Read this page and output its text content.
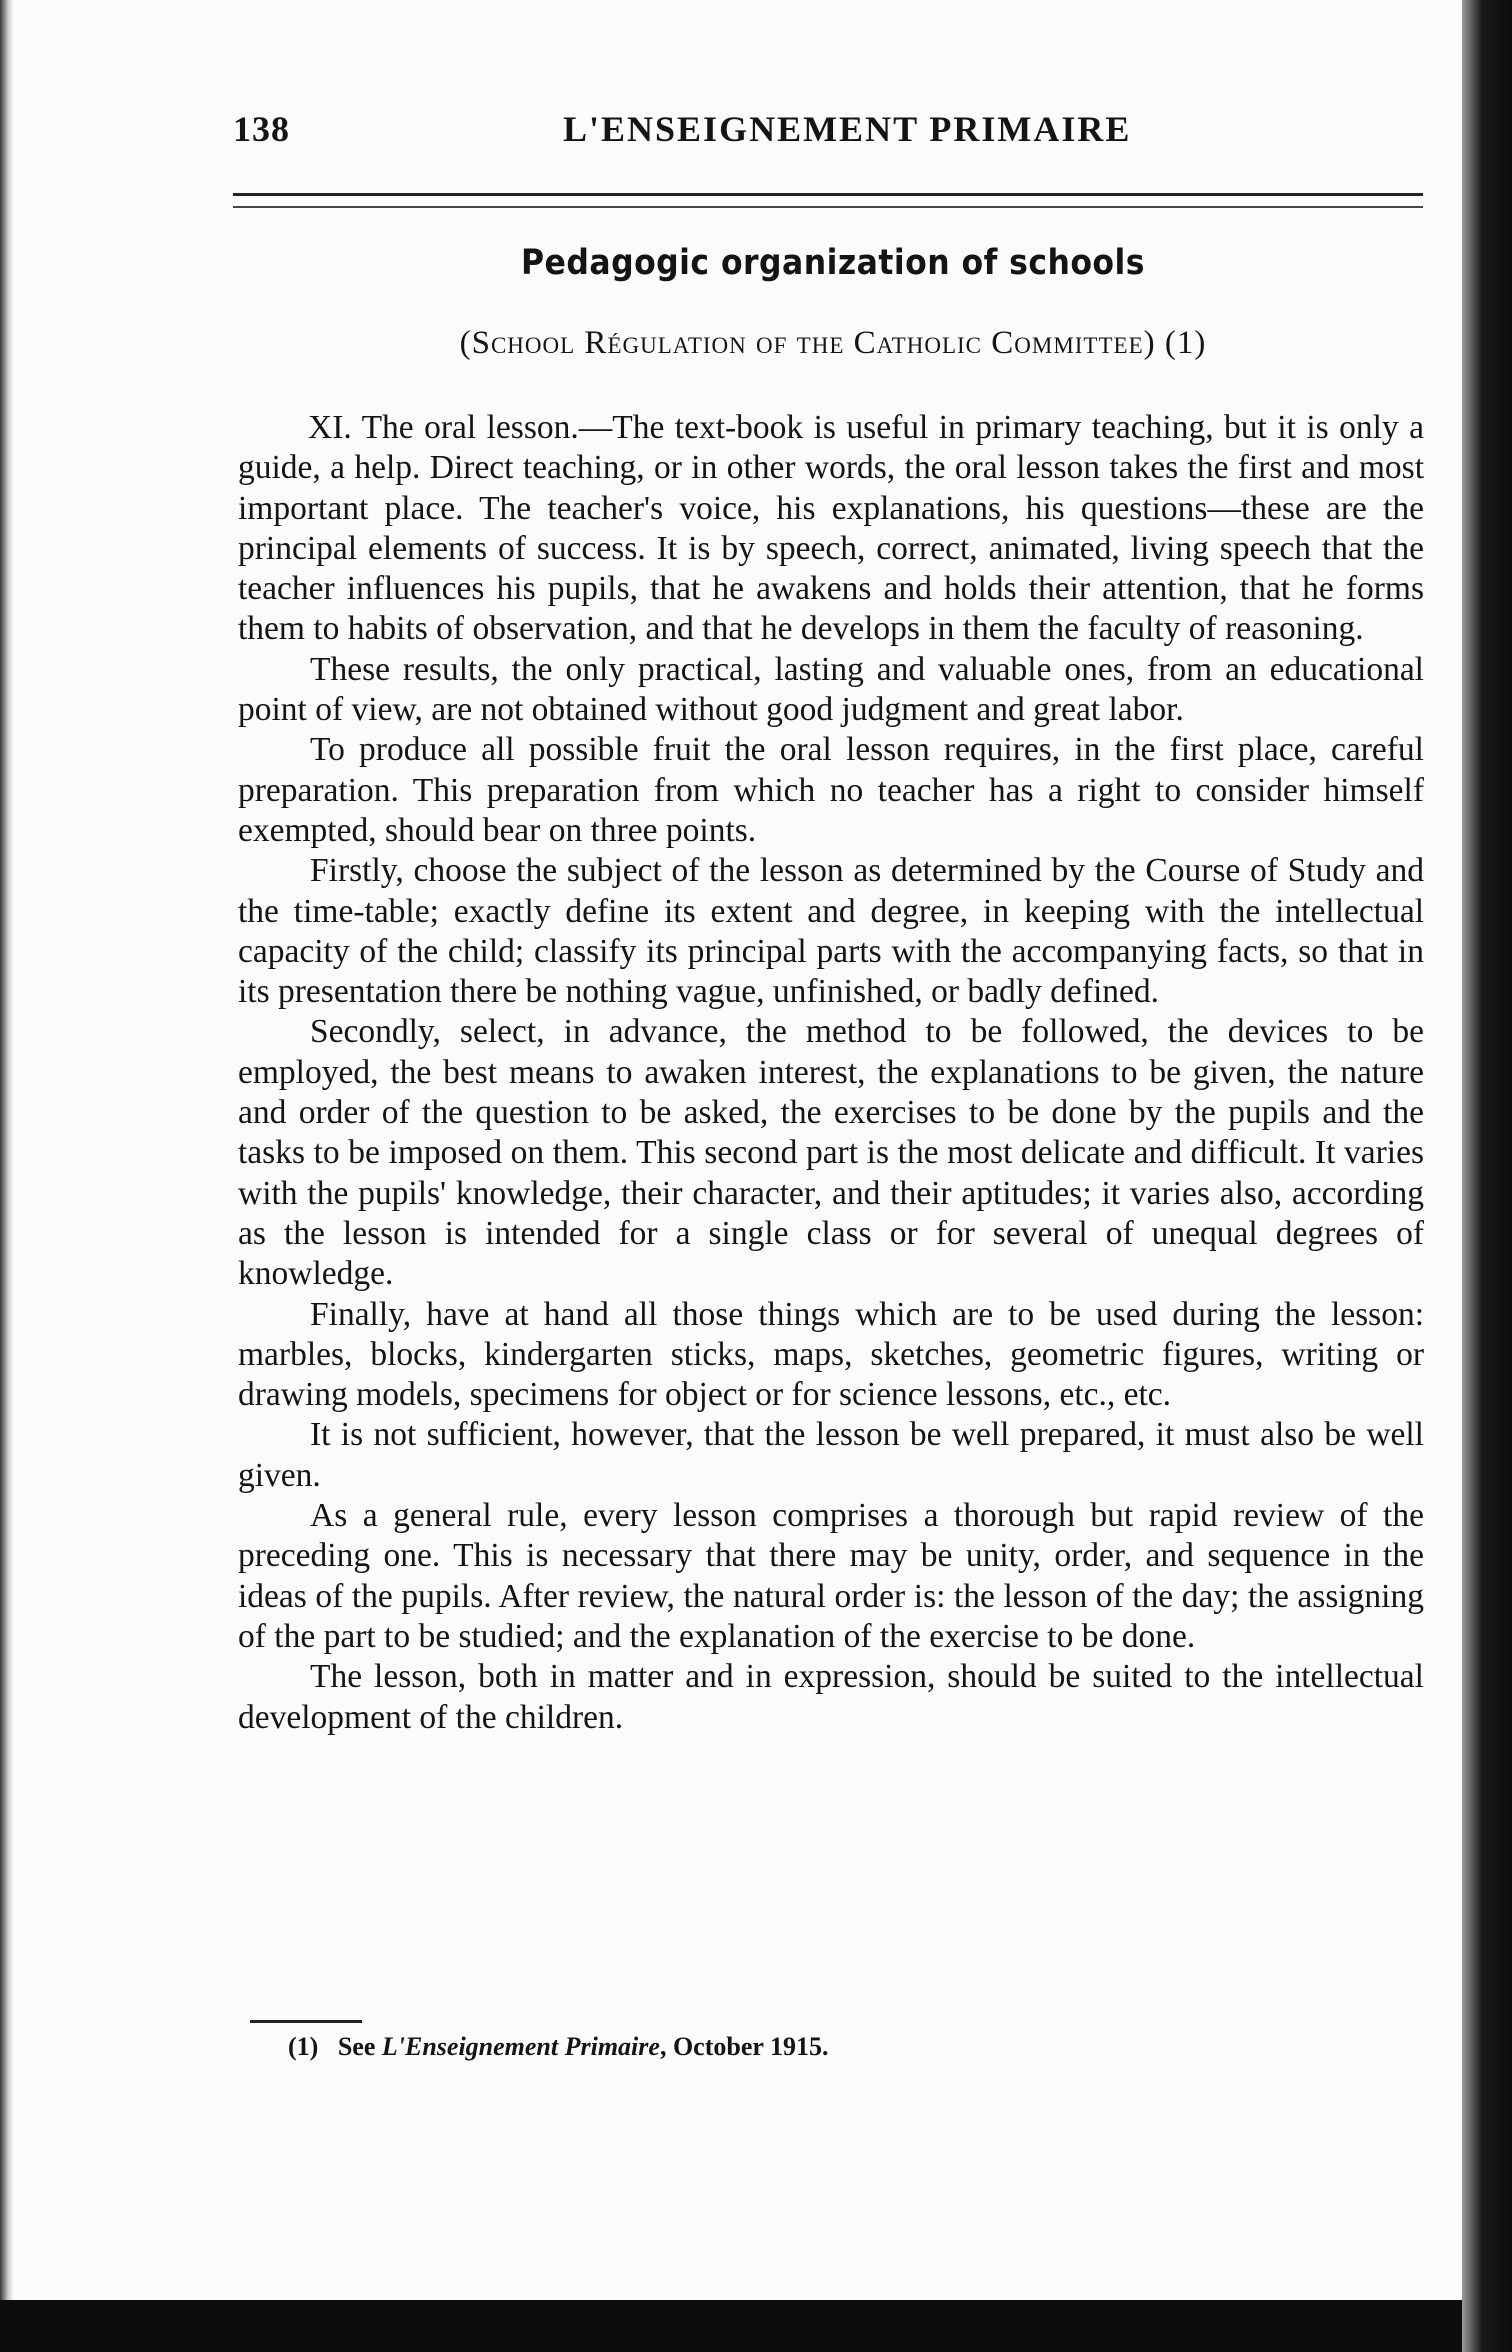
138	L'ENSEIGNEMENT PRIMAIRE
Pedagogic organization of schools
(School Régulation of the Catholic Committee) (1)

XI. The oral lesson.—The text-book is useful in primary teaching, but it is only a guide, a help. Direct teaching, or in other words, the oral lesson takes the first and most important place. The teacher's voice, his explanations, his questions—these are the principal elements of success. It is by speech, correct, animated, living speech that the teacher influences his pupils, that he awakens and holds their attention, that he forms them to habits of observation, and that he develops in them the faculty of reasoning.

These results, the only practical, lasting and valuable ones, from an educational point of view, are not obtained without good judgment and great labor.

To produce all possible fruit the oral lesson requires, in the first place, careful preparation. This preparation from which no teacher has a right to consider himself exempted, should bear on three points.

Firstly, choose the subject of the lesson as determined by the Course of Study and the time-table; exactly define its extent and degree, in keeping with the intellectual capacity of the child; classify its principal parts with the accompanying facts, so that in its presentation there be nothing vague, unfinished, or badly defined.

Secondly, select, in advance, the method to be followed, the devices to be employed, the best means to awaken interest, the explanations to be given, the nature and order of the question to be asked, the exercises to be done by the pupils and the tasks to be imposed on them. This second part is the most delicate and difficult. It varies with the pupils' knowledge, their character, and their aptitudes; it varies also, according as the lesson is intended for a single class or for several of unequal degrees of knowledge.

Finally, have at hand all those things which are to be used during the lesson: marbles, blocks, kindergarten sticks, maps, sketches, geometric figures, writing or drawing models, specimens for object or for science lessons, etc., etc.

It is not sufficient, however, that the lesson be well prepared, it must also be well given.

As a general rule, every lesson comprises a thorough but rapid review of the preceding one. This is necessary that there may be unity, order, and sequence in the ideas of the pupils. After review, the natural order is: the lesson of the day; the assigning of the part to be studied; and the explanation of the exercise to be done.

The lesson, both in matter and in expression, should be suited to the intellectual development of the children.

(1) See L'Enseignement Primaire, October 1915.
